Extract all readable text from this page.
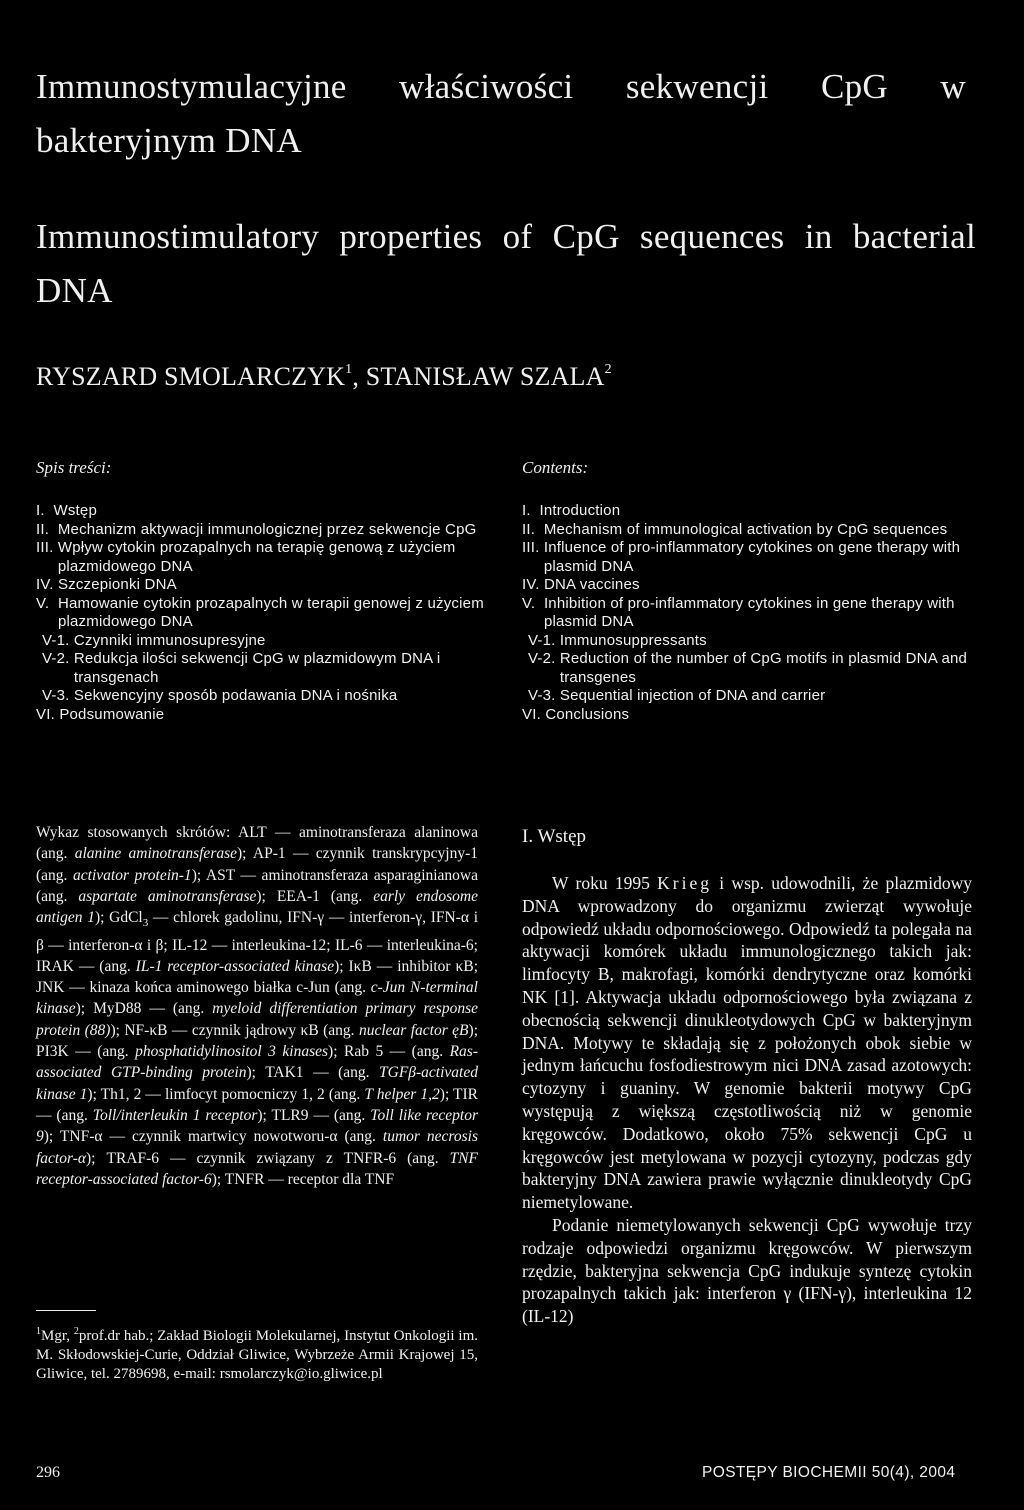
Immunostymulacyjne właściwości sekwencji CpG w bakteryjnym DNA
Immunostimulatory properties of CpG sequences in bacterial DNA
RYSZARD SMOLARCZYK$^1$, STANISŁAW SZALA$^2$
Spis treści:	Contents:
I. Wstęp
II. Mechanizm aktywacji immunologicznej przez sekwencje CpG
III. Wpływ cytokin prozapalnych na terapię genową z użyciem plazmidowego DNA
IV. Szczepionki DNA
V. Hamowanie cytokin prozapalnych w terapii genowej z użyciem plazmidowego DNA
V-1. Czynniki immunosupresyjne
V-2. Redukcja ilości sekwencji CpG w plazmidowym DNA i transgenach
V-3. Sekwencyjny sposób podawania DNA i nośnika
VI. Podsumowanie
I. Introduction
II. Mechanism of immunological activation by CpG sequences
III. Influence of pro-inflammatory cytokines on gene therapy with plasmid DNA
IV. DNA vaccines
V. Inhibition of pro-inflammatory cytokines in gene therapy with plasmid DNA
V-1. Immunosuppressants
V-2. Reduction of the number of CpG motifs in plasmid DNA and transgenes
V-3. Sequential injection of DNA and carrier
VI. Conclusions
Wykaz stosowanych skrótów: ALT — aminotransferaza alaninowa (ang. alanine aminotransferase); AP-1 — czynnik transkrypcyjny-1 (ang. activator protein-1); AST — aminotransferaza asparaginianowa (ang. aspartate aminotransferase); EEA-1 (ang. early endosome antigen 1); GdCl$_3$ — chlorek gadolinu, IFN-γ — interferon-γ, IFN-α i β — interferon-α i β; IL-12 — interleukina-12; IL-6 — interleukina-6; IRAK — (ang. IL-1 receptor-associated kinase); IκB — inhibitor κB; JNK — kinaza końca aminowego białka c-Jun (ang. c-Jun N-terminal kinase); MyD88 — (ang. myeloid differentiation primary response protein (88)); NF-κB — czynnik jądrowy κB (ang. nuclear factor ęB); PI3K — (ang. phosphatidylinositol 3 kinases); Rab 5 — (ang. Ras-associated GTP-binding protein); TAK1 — (ang. TGFβ-activated kinase 1); Th1, 2 — limfocyt pomocniczy 1, 2 (ang. T helper 1,2); TIR — (ang. Toll/interleukin 1 receptor); TLR9 — (ang. Toll like receptor 9); TNF-α — czynnik martwicy nowotworu-α (ang. tumor necrosis factor-α); TRAF-6 — czynnik związany z TNFR-6 (ang. TNF receptor-associated factor-6); TNFR — receptor dla TNF
$^1$Mgr, $^2$prof.dr hab.; Zakład Biologii Molekularnej, Instytut Onkologii im. M. Skłodowskiej-Curie, Oddział Gliwice, Wybrzeże Armii Krajowej 15, Gliwice, tel. 2789698, e-mail: rsmolarczyk@io.gliwice.pl
I. Wstęp

W roku 1995 Krieg i wsp. udowodnili, że plazmidowy DNA wprowadzony do organizmu zwierząt wywołuje odpowiedź układu odpornościowego. Odpowiedź ta polegała na aktywacji komórek układu immunologicznego takich jak: limfocyty B, makrofagi, komórki dendrytyczne oraz komórki NK [1]. Aktywacja układu odpornościowego była związana z obecnością sekwencji dinukleotydowych CpG w bakteryjnym DNA. Motywy te składają się z położonych obok siebie w jednym łańcuchu fosfodiestrowym nici DNA zasad azotowych: cytozyny i guaniny. W genomie bakterii motywy CpG występują z większą częstotliwością niż w genomie kręgowców. Dodatkowo, około 75% sekwencji CpG u kręgowców jest metylowana w pozycji cytozyny, podczas gdy bakteryjny DNA zawiera prawie wyłącznie dinukleotydy CpG niemetylowane.

Podanie niemetylowanych sekwencji CpG wywołuje trzy rodzaje odpowiedzi organizmu kręgowców. W pierwszym rzędzie, bakteryjna sekwencja CpG indukuje syntezę cytokin prozapalnych takich jak: interferon γ (IFN-γ), interleukina 12 (IL-12)

296	POSTĘPY BIOCHEMII 50(4), 2004
